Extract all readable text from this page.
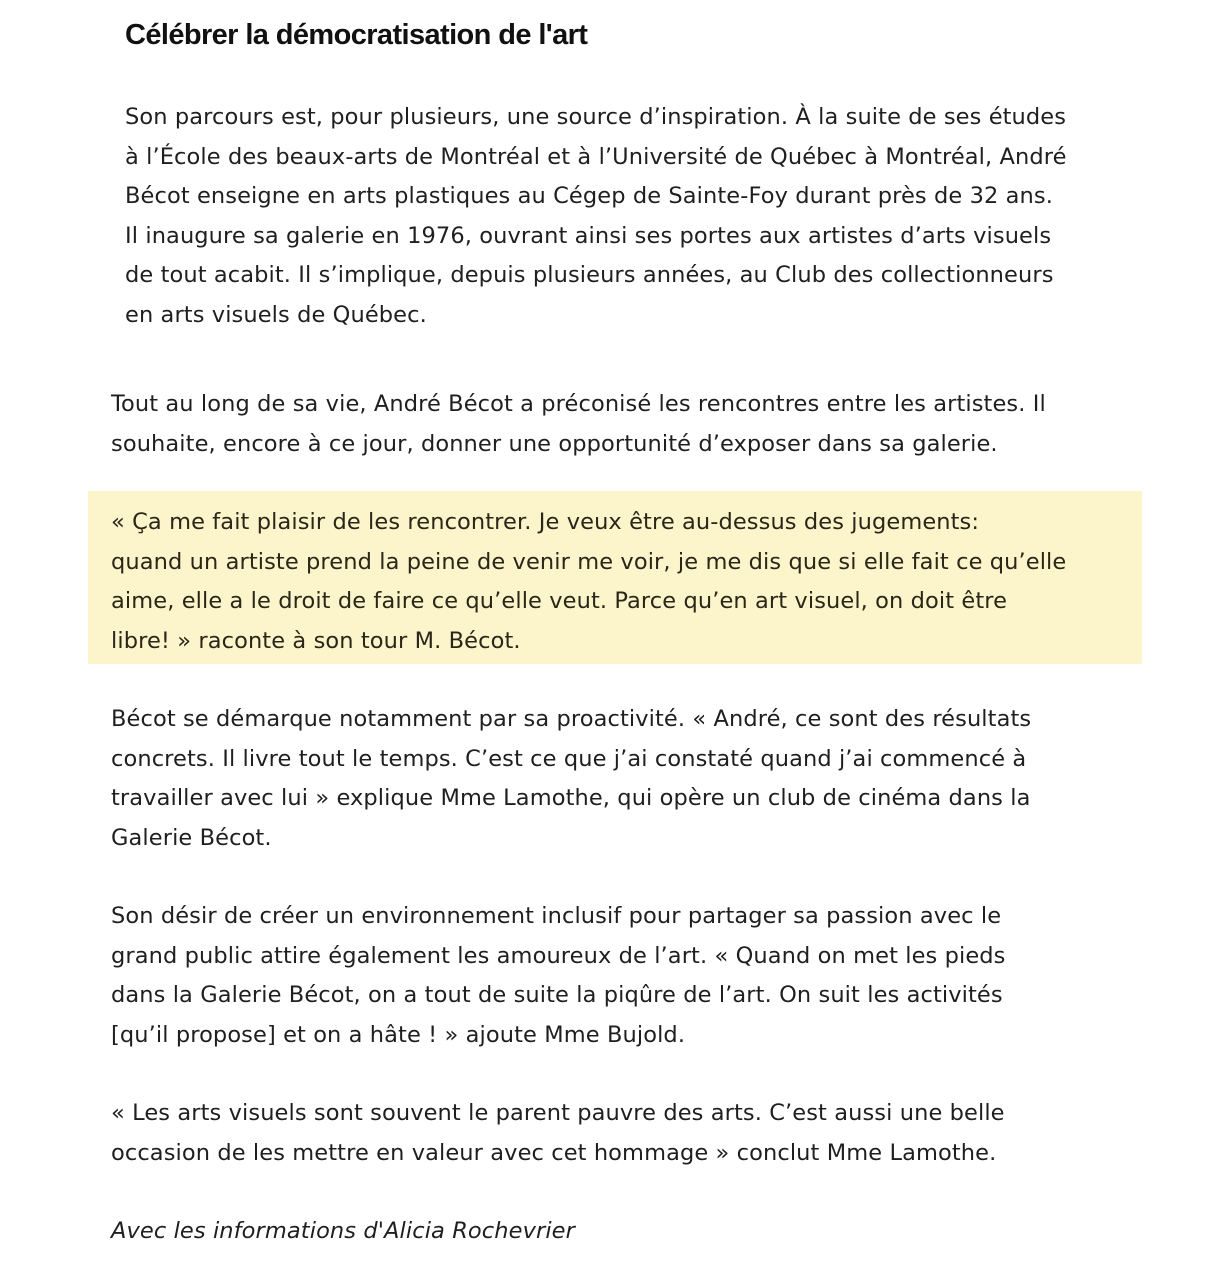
Célébrer la démocratisation de l'art

Son parcours est, pour plusieurs, une source d’inspiration. À la suite de ses études
à l’École des beaux-arts de Montréal et à l’Université de Québec à Montréal, André
Bécot enseigne en arts plastiques au Cégep de Sainte-Foy durant près de 32 ans.
Il inaugure sa galerie en 1976, ouvrant ainsi ses portes aux artistes d’arts visuels
de tout acabit. Il s’implique, depuis plusieurs années, au Club des collectionneurs
en arts visuels de Québec.

Tout au long de sa vie, André Bécot a préconisé les rencontres entre les artistes. Il
souhaite, encore à ce jour, donner une opportunité d’exposer dans sa galerie.

« Ça me fait plaisir de les rencontrer. Je veux être au-dessus des jugements:
quand un artiste prend la peine de venir me voir, je me dis que si elle fait ce qu’elle
aime, elle a le droit de faire ce qu’elle veut. Parce qu’en art visuel, on doit être
libre! » raconte à son tour M. Bécot.

Bécot se démarque notamment par sa proactivité. « André, ce sont des résultats
concrets. Il livre tout le temps. C’est ce que j’ai constaté quand j’ai commencé à
travailler avec lui » explique Mme Lamothe, qui opère un club de cinéma dans la
Galerie Bécot.

Son désir de créer un environnement inclusif pour partager sa passion avec le
grand public attire également les amoureux de l’art. « Quand on met les pieds
dans la Galerie Bécot, on a tout de suite la piqûre de l’art. On suit les activités
[qu’il propose] et on a hâte ! » ajoute Mme Bujold.

« Les arts visuels sont souvent le parent pauvre des arts. C’est aussi une belle
occasion de les mettre en valeur avec cet hommage » conclut Mme Lamothe.

Avec les informations d'Alicia Rochevrier
